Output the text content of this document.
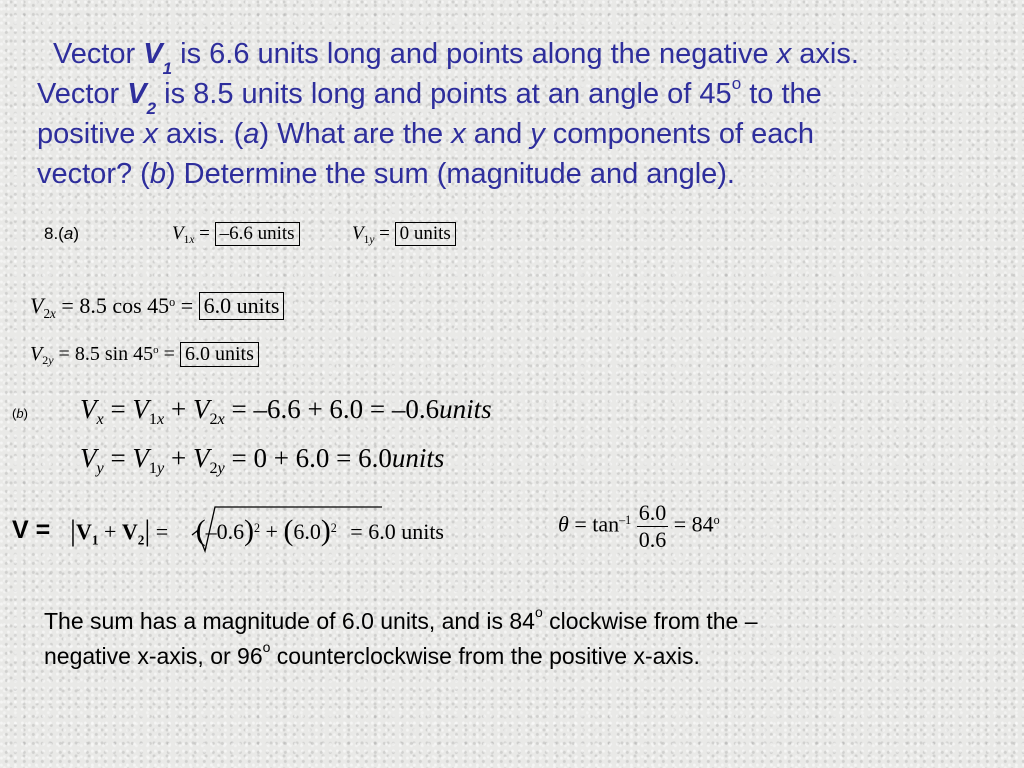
Vector $V_1$ is 6.6 units long and points along the negative x axis.
Vector $V_2$ is 8.5 units long and points at an angle of 45$^o$ to the
positive x axis. (a) What are the x and y components of each
vector? (b) Determine the sum (magnitude and angle).
8.(a)	$V_{1x} = -6.6$ units	$V_{1y} = 0$ units
$V_{2x} = 8.5$ $\cos 45^o = 6.0$ units
$V_{2y} = 8.5$ $\sin 45^o = 6.0$ units
(b) $V_x = V_{1x} + V_{2x} = -6.6 + 6.0$ = –0.6units
$V_y = V_{1y} + V_{2y} = 0 + 6.0$ = 6.0units
$V = |V_1 + V_2| = (-0.6)^2 + (6.0)^2 = 6.0$ units	$\theta = \tan^{-1} \frac{6.0}{0.6} = 84^o$
The sum has a magnitude of 6.0 units, and is 84$^o$ clockwise from the –
negative x-axis, or 96$^o$ counterclockwise from the positive x-axis.
